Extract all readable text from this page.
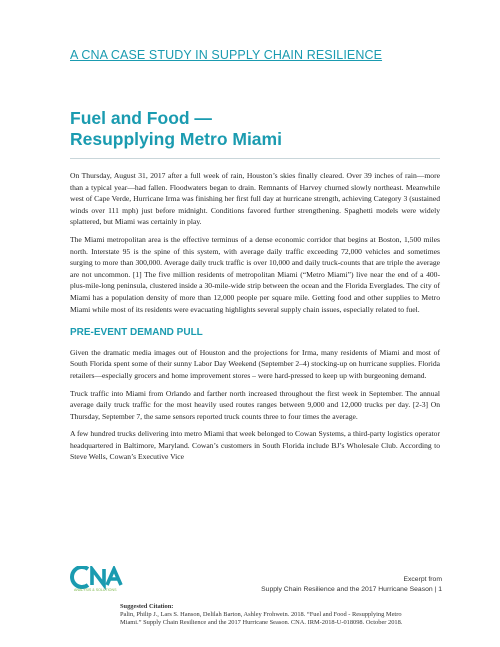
A CNA CASE STUDY IN SUPPLY CHAIN RESILIENCE
Fuel and Food —
Resupplying Metro Miami

On Thursday, August 31, 2017 after a full week of rain, Houston’s skies finally cleared. Over 39 inches of rain—more than a typical year—had fallen. Floodwaters began to drain. Remnants of Harvey churned slowly northeast. Meanwhile west of Cape Verde, Hurricane Irma was finishing her first full day at hurricane strength, achieving Category 3 (sustained winds over 111 mph) just before midnight. Conditions favored further strengthening. Spaghetti models were widely splattered, but Miami was certainly in play.

The Miami metropolitan area is the effective terminus of a dense economic corridor that begins at Boston, 1,500 miles north. Interstate 95 is the spine of this system, with average daily traffic exceeding 72,000 vehicles and sometimes surging to more than 300,000. Average daily truck traffic is over 10,000 and daily truck-counts that are triple the average are not uncommon. [1] The five million residents of metropolitan Miami (“Metro Miami”) live near the end of a 400-plus-mile-long peninsula, clustered inside a 30-mile-wide strip between the ocean and the Florida Everglades. The city of Miami has a population density of more than 12,000 people per square mile. Getting food and other supplies to Metro Miami while most of its residents were evacuating highlights several supply chain issues, especially related to fuel.

PRE-EVENT DEMAND PULL

Given the dramatic media images out of Houston and the projections for Irma, many residents of Miami and most of South Florida spent some of their sunny Labor Day Weekend (September 2–4) stocking-up on hurricane supplies. Florida retailers—especially grocers and home improvement stores – were hard-pressed to keep up with burgeoning demand.

Truck traffic into Miami from Orlando and farther north increased throughout the first week in September. The annual average daily truck traffic for the most heavily used routes ranges between 9,000 and 12,000 trucks per day. [2-3] On Thursday, September 7, the same sensors reported truck counts three to four times the average.

A few hundred trucks delivering into metro Miami that week belonged to Cowan Systems, a third-party logistics operator headquartered in Baltimore, Maryland. Cowan’s customers in South Florida include BJ’s Wholesale Club. According to Steve Wells, Cowan’s Executive Vice

ANALYSIS & SOLUTIONS
Excerpt from
Supply Chain Resilience and the 2017 Hurricane Season | 1
Suggested Citation:
Palin, Philip J., Lars S. Hanson, Delilah Barton, Ashley Frohwein. 2018. “Fuel and Food - Resupplying Metro Miami.” Supply Chain Resilience and the 2017 Hurricane Season. CNA. IRM-2018-U-018098. October 2018.
